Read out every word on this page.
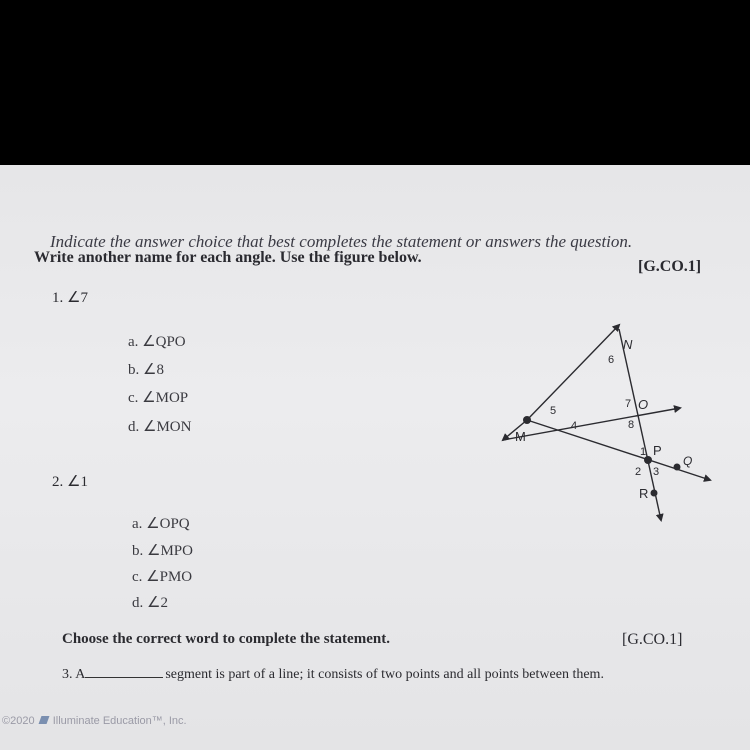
Indicate the answer choice that best completes the statement or answers the question.
Write another name for each angle. Use the figure below.
[G.CO.1]
1. ∠7
a. ∠QPO
b. ∠8
c. ∠MOP
d. ∠MON
2. ∠1
a. ∠OPQ
b. ∠MPO
c. ∠PMO
d. ∠2
Choose the correct word to complete the statement.	[G.CO.1]
3. A	segment is part of a line; it consists of two points and all points between them.
N
O
M
P
Q
R
6
5
4
7
8
1
2 3
©2020 Illuminate Education™, Inc.
